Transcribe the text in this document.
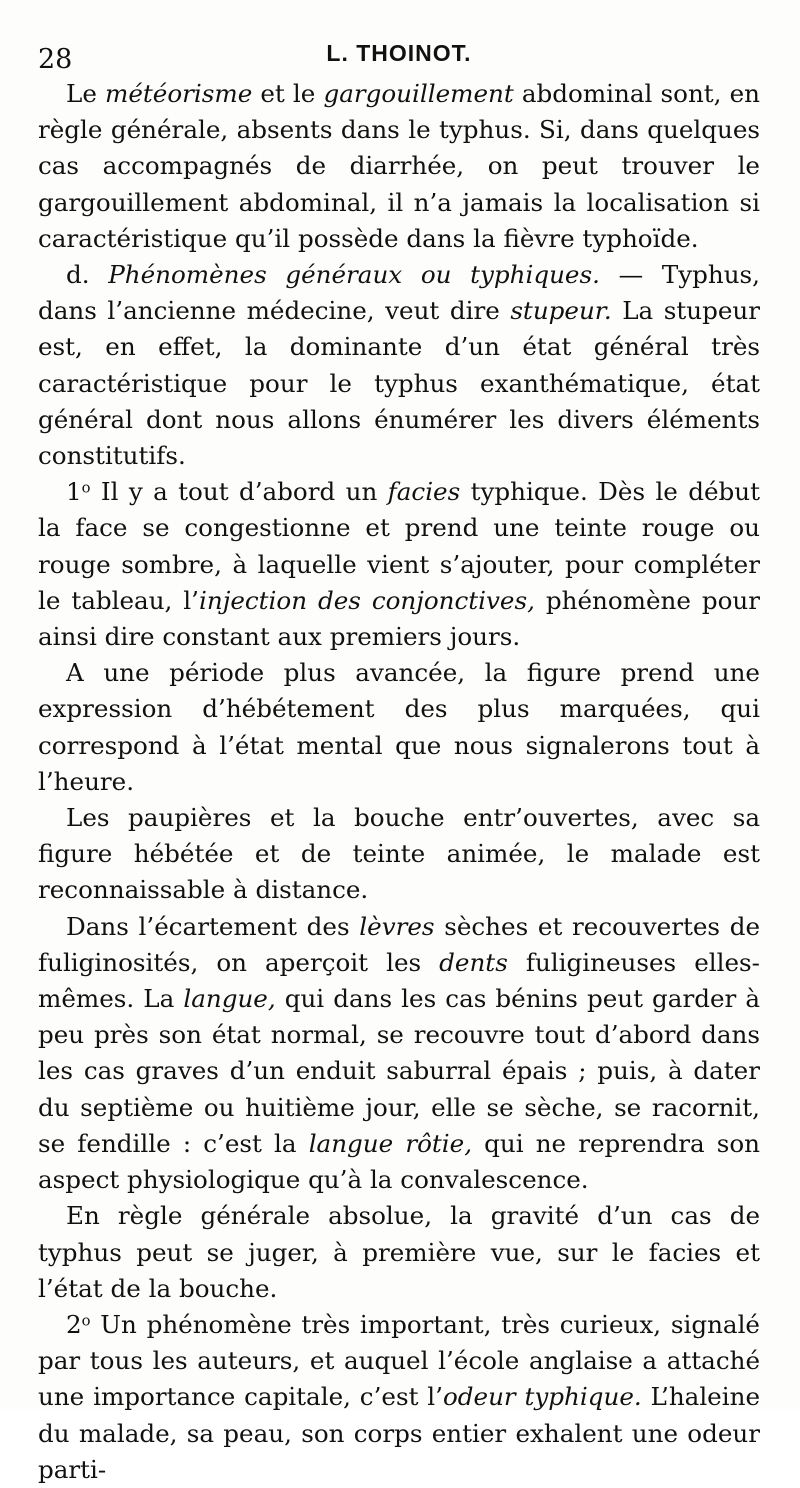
28	L. THOINOT.

Le météorisme et le gargouillement abdominal sont, en règle générale, absents dans le typhus. Si, dans quelques cas accompagnés de diarrhée, on peut trouver le gargouillement abdominal, il n’a jamais la localisation si caractéristique qu’il possède dans la fièvre typhoïde.

d. Phénomènes généraux ou typhiques. — Typhus, dans l’ancienne médecine, veut dire stupeur. La stupeur est, en effet, la dominante d’un état général très caractéristique pour le typhus exanthématique, état général dont nous allons énumérer les divers éléments constitutifs.

1$^o$ Il y a tout d’abord un facies typhique. Dès le début la face se congestionne et prend une teinte rouge ou rouge sombre, à laquelle vient s’ajouter, pour compléter le tableau, l’injection des conjonctives, phénomène pour ainsi dire constant aux premiers jours.

A une période plus avancée, la figure prend une expression d’hébétement des plus marquées, qui correspond à l’état mental que nous signalerons tout à l’heure.

Les paupières et la bouche entr’ouvertes, avec sa figure hébétée et de teinte animée, le malade est reconnaissable à distance.

Dans l’écartement des lèvres sèches et recouvertes de fuliginosités, on aperçoit les dents fuligineuses elles-mêmes. La langue, qui dans les cas bénins peut garder à peu près son état normal, se recouvre tout d’abord dans les cas graves d’un enduit saburral épais ; puis, à dater du septième ou huitième jour, elle se sèche, se racornit, se fendille : c’est la langue rôtie, qui ne reprendra son aspect physiologique qu’à la convalescence.

En règle générale absolue, la gravité d’un cas de typhus peut se juger, à première vue, sur le facies et l’état de la bouche.

2$^o$ Un phénomène très important, très curieux, signalé par tous les auteurs, et auquel l’école anglaise a attaché une importance capitale, c’est l’odeur typhique. L’haleine du malade, sa peau, son corps entier exhalent une odeur parti-
